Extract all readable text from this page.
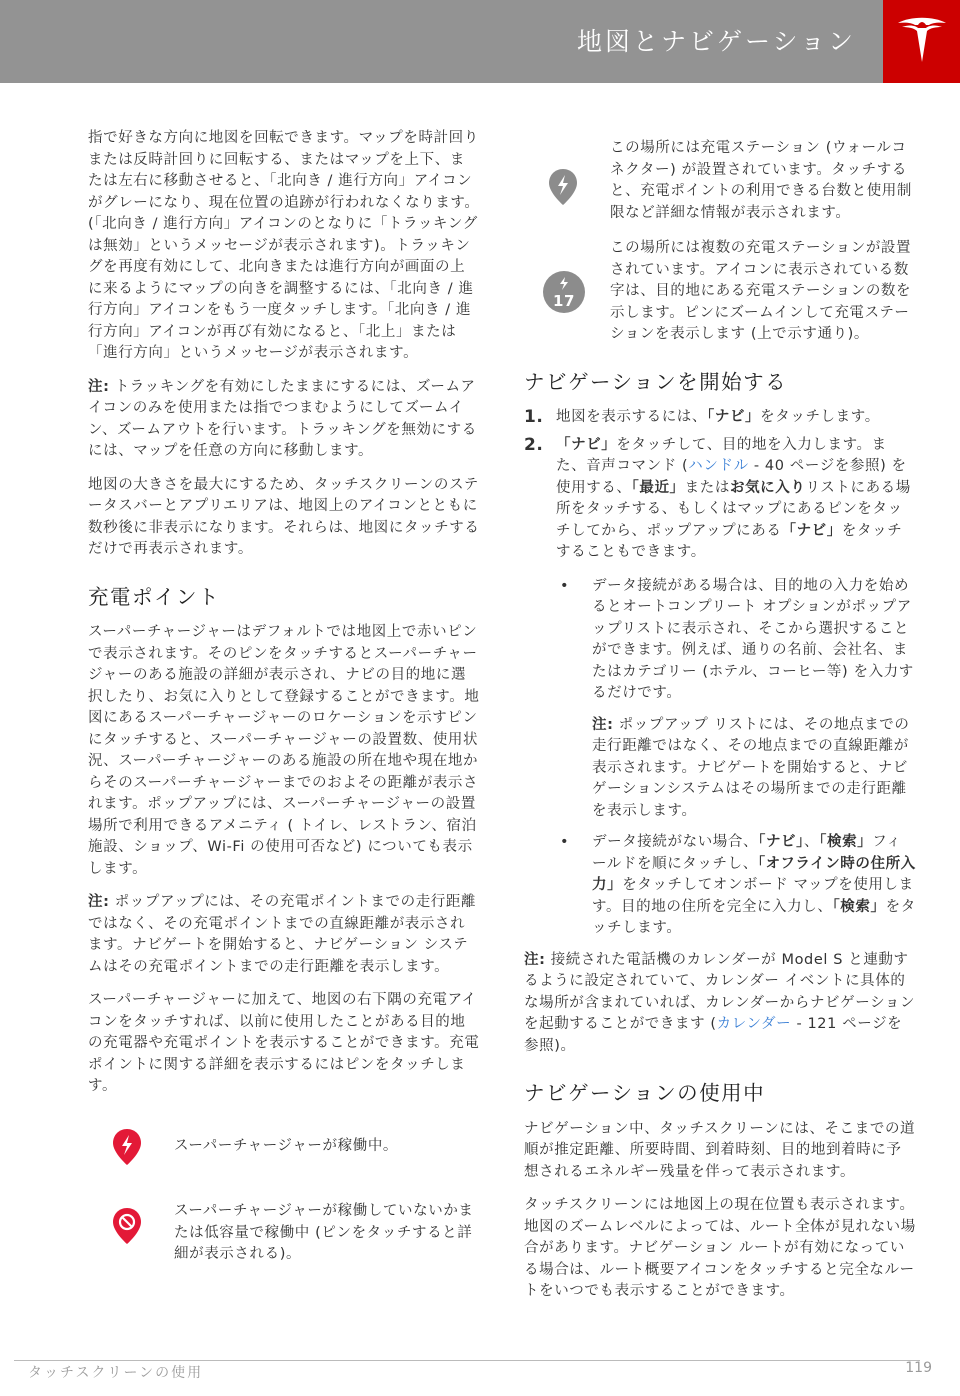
地図とナビゲーション

指で好きな方向に地図を回転できます。マップを時計回りまたは反時計回りに回転する、またはマップを上下、または左右に移動させると、「北向き / 進行方向」アイコンがグレーになり、現在位置の追跡が行われなくなります。(「北向き / 進行方向」アイコンのとなりに「トラッキングは無効」というメッセージが表示されます)。トラッキングを再度有効にして、北向きまたは進行方向が画面の上に来るようにマップの向きを調整するには、「北向き / 進行方向」アイコンをもう一度タッチします。「北向き / 進行方向」アイコンが再び有効になると、「北上」または「進行方向」というメッセージが表示されます。

注: トラッキングを有効にしたままにするには、ズームアイコンのみを使用または指でつまむようにしてズームイン、ズームアウトを行います。トラッキングを無効にするには、マップを任意の方向に移動します。

地図の大きさを最大にするため、タッチスクリーンのステータスバーとアプリエリアは、地図上のアイコンとともに数秒後に非表示になります。それらは、地図にタッチするだけで再表示されます。

充電ポイント

スーパーチャージャーはデフォルトでは地図上で赤いピンで表示されます。そのピンをタッチするとスーパーチャージャーのある施設の詳細が表示され、ナビの目的地に選択したり、お気に入りとして登録することができます。地図にあるスーパーチャージャーのロケーションを示すピンにタッチすると、スーパーチャージャーの設置数、使用状況、スーパーチャージャーのある施設の所在地や現在地からそのスーパーチャージャーまでのおよその距離が表示されます。ポップアップには、スーパーチャージャーの設置場所で利用できるアメニティ ( トイレ、レストラン、宿泊施設、ショップ、Wi-Fi の使用可否など) についても表示します。

注: ポップアップには、その充電ポイントまでの走行距離ではなく、その充電ポイントまでの直線距離が表示されます。ナビゲートを開始すると、ナビゲーション システムはその充電ポイントまでの走行距離を表示します。

スーパーチャージャーに加えて、地図の右下隅の充電アイコンをタッチすれば、以前に使用したことがある目的地の充電器や充電ポイントを表示することができます。充電ポイントに関する詳細を表示するにはピンをタッチします。

スーパーチャージャーが稼働中。
スーパーチャージャーが稼働していないかまたは低容量で稼働中 (ピンをタッチすると詳細が表示される)。
この場所には充電ステーション (ウォールコネクター) が設置されています。タッチすると、充電ポイントの利用できる台数と使用制限など詳細な情報が表示されます。
17
この場所には複数の充電ステーションが設置されています。アイコンに表示されている数字は、目的地にある充電ステーションの数を示します。ピンにズームインして充電ステーションを表示します (上で示す通り)。
ナビゲーションを開始する
1. 地図を表示するには、「ナビ」をタッチします。
2. 「ナビ」をタッチして、目的地を入力します。また、音声コマンド (ハンドル - 40 ページを参照) を使用する、「最近」またはお気に入りリストにある場所をタッチする、もしくはマップにあるピンをタッチしてから、ポップアップにある「ナビ」をタッチすることもできます。
• データ接続がある場合は、目的地の入力を始めるとオートコンプリート オプションがポップアップリストに表示され、そこから選択することができます。例えば、通りの名前、会社名、またはカテゴリー (ホテル、コーヒー等) を入力するだけです。
注: ポップアップ リストには、その地点までの走行距離ではなく、その地点までの直線距離が表示されます。ナビゲートを開始すると、ナビゲーションシステムはその場所までの走行距離を表示します。
• データ接続がない場合、「ナビ」、「検索」フィールドを順にタッチし、「オフライン時の住所入力」をタッチしてオンボード マップを使用します。目的地の住所を完全に入力し、「検索」をタッチします。

注: 接続された電話機のカレンダーが Model S と連動するように設定されていて、カレンダー イベントに具体的な場所が含まれていれば、カレンダーからナビゲーションを起動することができます (カレンダー - 121 ページを参照)。

ナビゲーションの使用中

ナビゲーション中、タッチスクリーンには、そこまでの道順が推定距離、所要時間、到着時刻、目的地到着時に予想されるエネルギー残量を伴って表示されます。

タッチスクリーンには地図上の現在位置も表示されます。地図のズームレベルによっては、ルート全体が見れない場合があります。ナビゲーション ルートが有効になっている場合は、ルート概要アイコンをタッチすると完全なルートをいつでも表示することができます。

タッチスクリーンの使用	119
